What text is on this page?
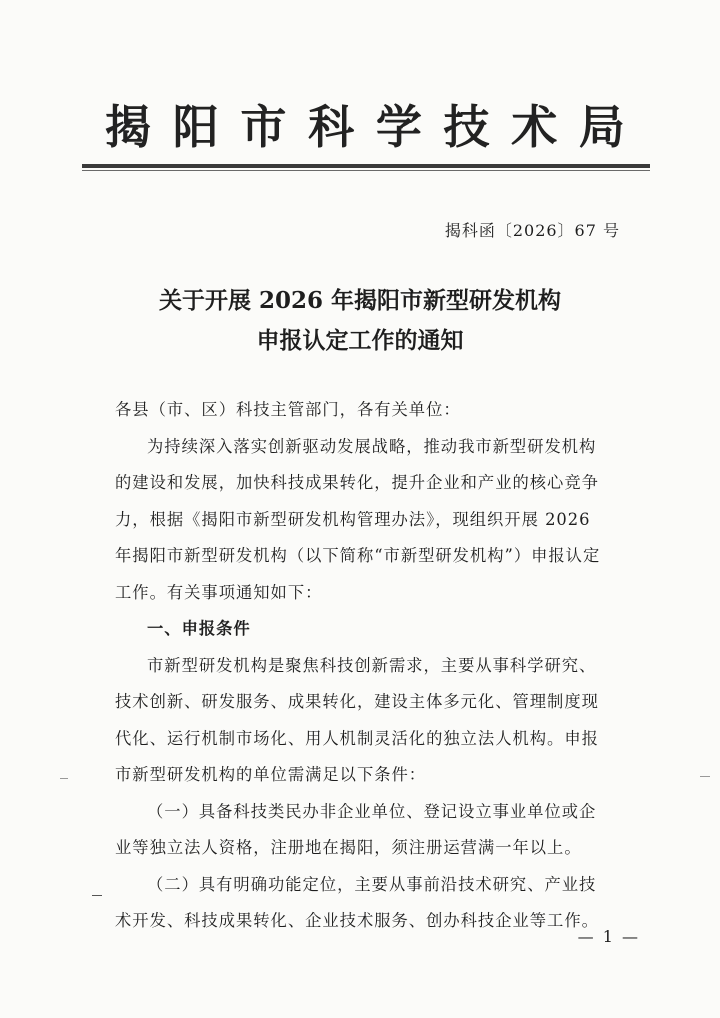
揭 阳 市 科 学 技 术 局
揭科函〔2026〕67 号
关于开展 2026 年揭阳市新型研发机构
申报认定工作的通知
各县（市、区）科技主管部门，各有关单位：
为持续深入落实创新驱动发展战略，推动我市新型研发机构
的建设和发展，加快科技成果转化，提升企业和产业的核心竞争
力，根据《揭阳市新型研发机构管理办法》，现组织开展 2026
年揭阳市新型研发机构（以下简称“市新型研发机构”）申报认定
工作。有关事项通知如下：
一、申报条件
市新型研发机构是聚焦科技创新需求，主要从事科学研究、
技术创新、研发服务、成果转化，建设主体多元化、管理制度现
代化、运行机制市场化、用人机制灵活化的独立法人机构。申报
市新型研发机构的单位需满足以下条件：
（一）具备科技类民办非企业单位、登记设立事业单位或企
业等独立法人资格，注册地在揭阳，须注册运营满一年以上。
（二）具有明确功能定位，主要从事前沿技术研究、产业技
术开发、科技成果转化、企业技术服务、创办科技企业等工作。
— 1 —
